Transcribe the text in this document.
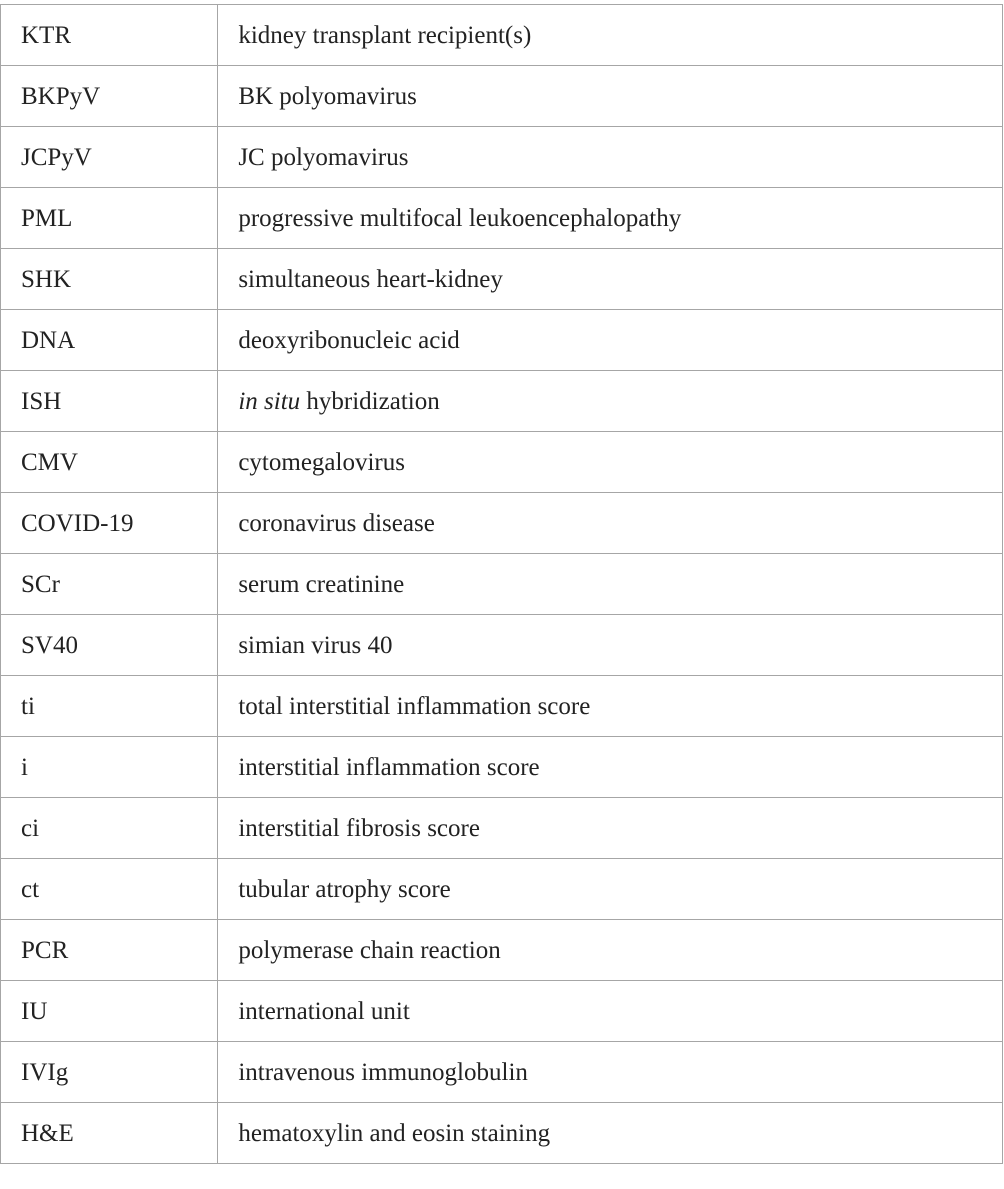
KTR	kidney transplant recipient(s)
BKPyV	BK polyomavirus
JCPyV	JC polyomavirus
PML	progressive multifocal leukoencephalopathy
SHK	simultaneous heart-kidney
DNA	deoxyribonucleic acid
ISH	in situ hybridization
CMV	cytomegalovirus
COVID-19	coronavirus disease
SCr	serum creatinine
SV40	simian virus 40
ti	total interstitial inflammation score
i	interstitial inflammation score
ci	interstitial fibrosis score
ct	tubular atrophy score
PCR	polymerase chain reaction
IU	international unit
IVIg	intravenous immunoglobulin
H&E	hematoxylin and eosin staining
